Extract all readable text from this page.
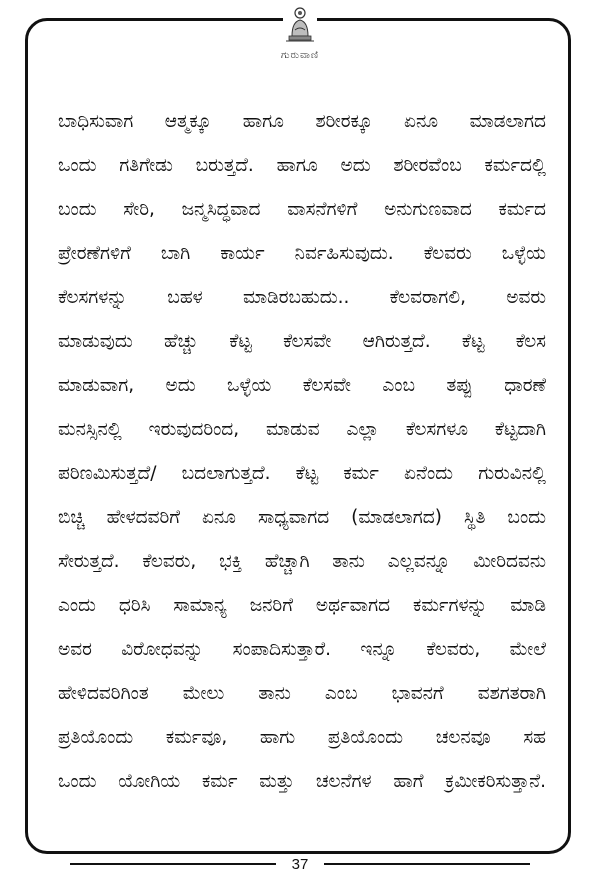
ಗುರುವಾಣಿ
ಬಾಧಿಸುವಾಗ ಆತ್ಮಕ್ಕೂ ಹಾಗೂ ಶರೀರಕ್ಕೂ ಏನೂ ಮಾಡಲಾಗದ
ಒಂದು ಗತಿಗೇಡು ಬರುತ್ತದೆ. ಹಾಗೂ ಅದು ಶರೀರವೆಂಬ ಕರ್ಮದಲ್ಲಿ
ಬಂದು ಸೇರಿ, ಜನ್ಮಸಿದ್ಧವಾದ ವಾಸನೆಗಳಿಗೆ ಅನುಗುಣವಾದ ಕರ್ಮದ
ಪ್ರೇರಣೆಗಳಿಗೆ ಬಾಗಿ ಕಾರ್ಯ ನಿರ್ವಹಿಸುವುದು. ಕೆಲವರು ಒಳ್ಳೆಯ
ಕೆಲಸಗಳನ್ನು ಬಹಳ ಮಾಡಿರಬಹುದು.. ಕೆಲವರಾಗಲಿ, ಅವರು
ಮಾಡುವುದು ಹೆಚ್ಚು ಕೆಟ್ಟ ಕೆಲಸವೇ ಆಗಿರುತ್ತದೆ. ಕೆಟ್ಟ ಕೆಲಸ
ಮಾಡುವಾಗ, ಅದು ಒಳ್ಳೆಯ ಕೆಲಸವೇ ಎಂಬ ತಪ್ಪು ಧಾರಣೆ
ಮನಸ್ಸಿನಲ್ಲಿ ಇರುವುದರಿಂದ, ಮಾಡುವ ಎಲ್ಲಾ ಕೆಲಸಗಳೂ ಕೆಟ್ಟದಾಗಿ
ಪರಿಣಮಿಸುತ್ತದೆ/ ಬದಲಾಗುತ್ತದೆ. ಕೆಟ್ಟ ಕರ್ಮ ಏನೆಂದು ಗುರುವಿನಲ್ಲಿ
ಬಿಚ್ಚಿ ಹೇಳದವರಿಗೆ ಏನೂ ಸಾಧ್ಯವಾಗದ (ಮಾಡಲಾಗದ) ಸ್ಥಿತಿ ಬಂದು
ಸೇರುತ್ತದೆ. ಕೆಲವರು, ಭಕ್ತಿ ಹೆಚ್ಚಾಗಿ ತಾನು ಎಲ್ಲವನ್ನೂ ಮೀರಿದವನು
ಎಂದು ಧರಿಸಿ ಸಾಮಾನ್ಯ ಜನರಿಗೆ ಅರ್ಥವಾಗದ ಕರ್ಮಗಳನ್ನು ಮಾಡಿ
ಅವರ ವಿರೋಧವನ್ನು ಸಂಪಾದಿಸುತ್ತಾರೆ. ಇನ್ನೂ ಕೆಲವರು, ಮೇಲೆ
ಹೇಳಿದವರಿಗಿಂತ ಮೇಲು ತಾನು ಎಂಬ ಭಾವನಗೆ ವಶಗತರಾಗಿ
ಪ್ರತಿಯೊಂದು ಕರ್ಮವೂ, ಹಾಗು ಪ್ರತಿಯೊಂದು ಚಲನವೂ ಸಹ
ಒಂದು ಯೋಗಿಯ ಕರ್ಮ ಮತ್ತು ಚಲನೆಗಳ ಹಾಗೆ ಕ್ರಮೀಕರಿಸುತ್ತಾನೆ.
37
